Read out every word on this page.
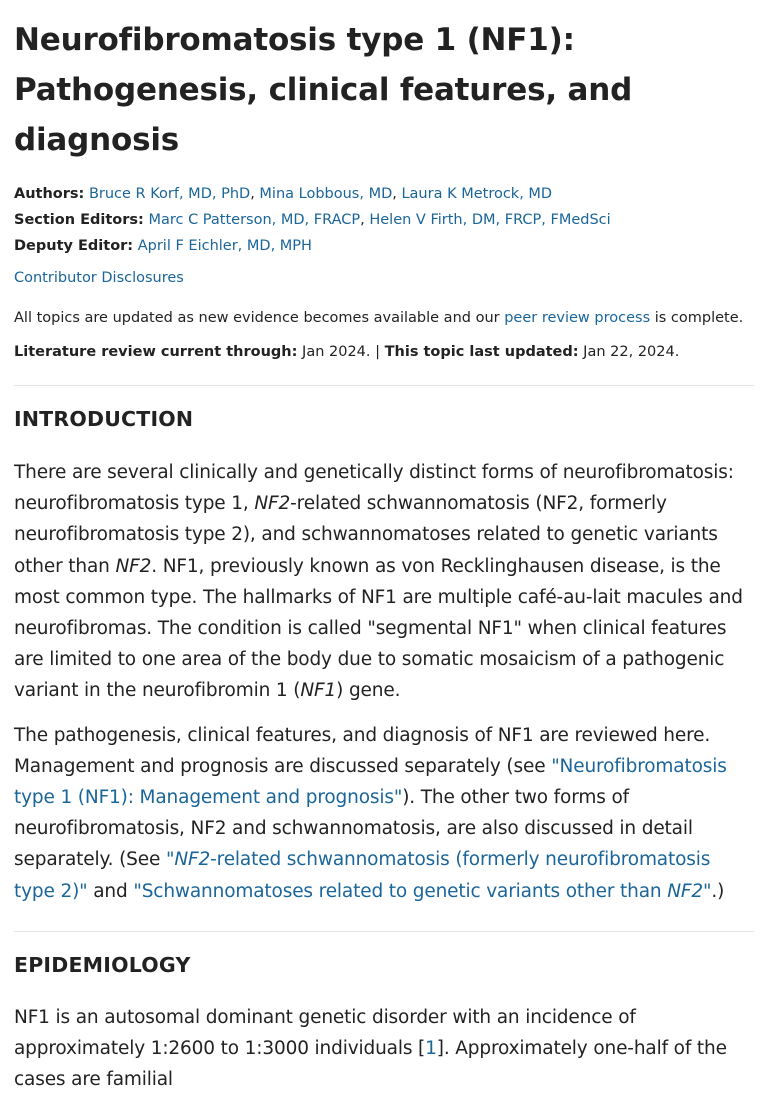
Neurofibromatosis type 1 (NF1): Pathogenesis, clinical features, and diagnosis
Authors: Bruce R Korf, MD, PhD, Mina Lobbous, MD, Laura K Metrock, MD
Section Editors: Marc C Patterson, MD, FRACP, Helen V Firth, DM, FRCP, FMedSci
Deputy Editor: April F Eichler, MD, MPH
Contributor Disclosures
All topics are updated as new evidence becomes available and our peer review process is complete.
Literature review current through: Jan 2024. | This topic last updated: Jan 22, 2024.
INTRODUCTION

There are several clinically and genetically distinct forms of neurofibromatosis: neurofibromatosis type 1, NF2-related schwannomatosis (NF2, formerly neurofibromatosis type 2), and schwannomatoses related to genetic variants other than NF2. NF1, previously known as von Recklinghausen disease, is the most common type. The hallmarks of NF1 are multiple café-au-lait macules and neurofibromas. The condition is called "segmental NF1" when clinical features are limited to one area of the body due to somatic mosaicism of a pathogenic variant in the neurofibromin 1 (NF1) gene.

The pathogenesis, clinical features, and diagnosis of NF1 are reviewed here. Management and prognosis are discussed separately (see "Neurofibromatosis type 1 (NF1): Management and prognosis"). The other two forms of neurofibromatosis, NF2 and schwannomatosis, are also discussed in detail separately. (See "NF2-related schwannomatosis (formerly neurofibromatosis type 2)" and "Schwannomatoses related to genetic variants other than NF2".)

EPIDEMIOLOGY

NF1 is an autosomal dominant genetic disorder with an incidence of approximately 1:2600 to 1:3000 individuals [1]. Approximately one-half of the cases are familial
